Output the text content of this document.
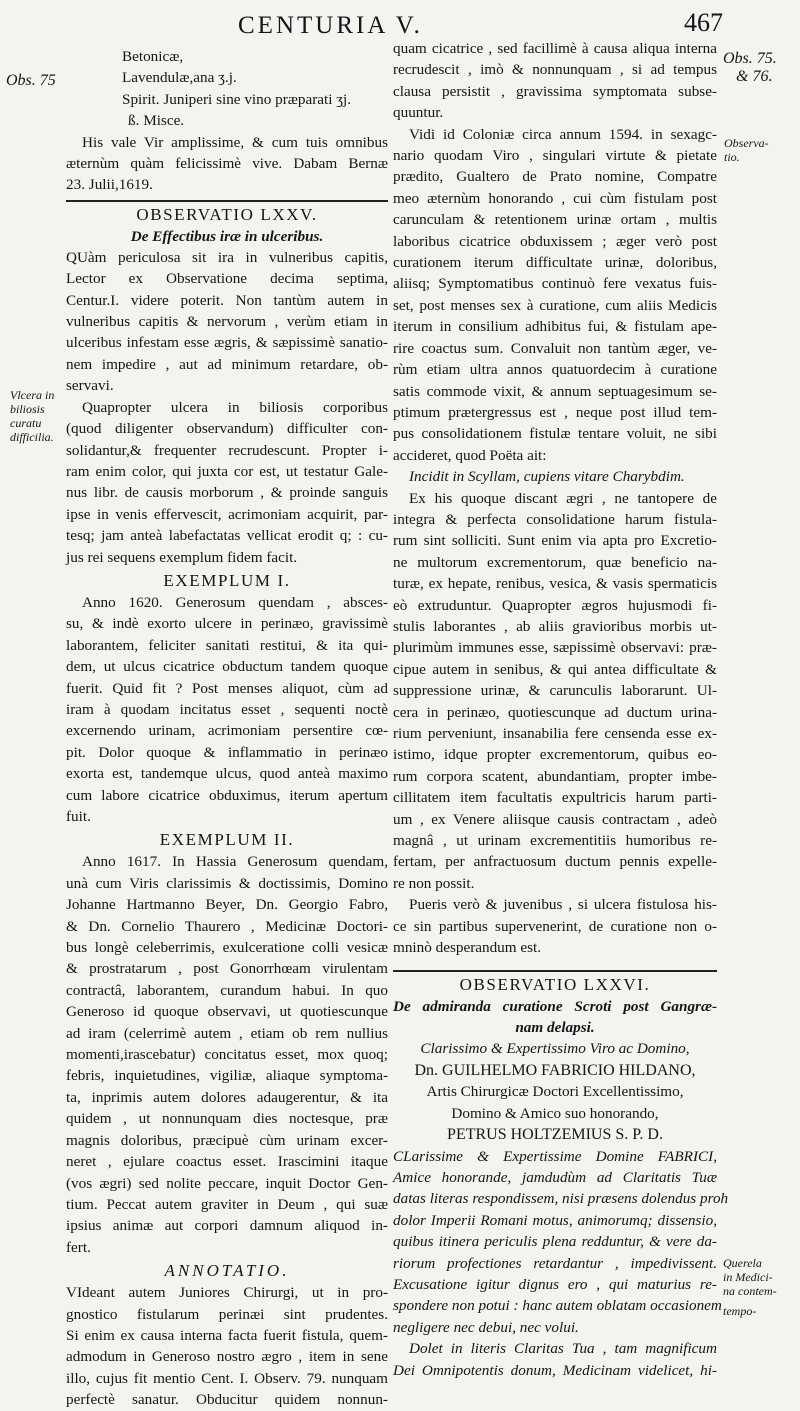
CENTURIA V.	467
Obs. 75
Obs. 75.
& 76.
Observa-
tio.
Vlcera in
biliosis
curatu
difficilia.
Querela
in Medici-
na contem-
tempo-
Betonicæ,
Lavendulæ,ana ʒ.j.
Spirit. Juniperi sine vino præparati ʒj.
ß. Misce.
His vale Vir amplissime, & cum tuis omnibus
æternùm quàm felicissimè vive. Dabam Bernæ
23. Julii,1619.
OBSERVATIO LXXV.
De Effectibus iræ in ulceribus.
QUàm periculosa sit ira in vulneribus capitis,
Lector ex Observatione decima septima,
Centur.I. videre poterit. Non tantùm autem in
vulneribus capitis & nervorum , verùm etiam in
ulceribus infestam esse ægris, & sæpissimè sanatio-
nem impedire , aut ad minimum retardare, ob-
servavi.
Quapropter ulcera in biliosis corporibus
(quod diligenter observandum) difficulter con-
solidantur,& frequenter recrudescunt. Propter i-
ram enim color, qui juxta cor est, ut testatur Gale-
nus libr. de causis morborum , & proinde sanguis
ipse in venis effervescit, acrimoniam acquirit, par-
tesq; jam anteà labefactatas vellicat erodit q; : cu-
jus rei sequens exemplum fidem facit.
EXEMPLUM I.
Anno 1620. Generosum quendam , absces-
su, & indè exorto ulcere in perinæo, gravissimè
laborantem, feliciter sanitati restitui, & ita qui-
dem, ut ulcus cicatrice obductum tandem quoque
fuerit. Quid fit ? Post menses aliquot, cùm ad
iram à quodam incitatus esset , sequenti noctè
excernendo urinam, acrimoniam persentire cœ-
pit. Dolor quoque & inflammatio in perinæo
exorta est, tandemque ulcus, quod anteà maximo
cum labore cicatrice obduximus, iterum apertum
fuit.
EXEMPLUM II.
Anno 1617. In Hassia Generosum quendam,
unà cum Viris clarissimis & doctissimis, Domino
Johanne Hartmanno Beyer, Dn. Georgio Fabro,
& Dn. Cornelio Thaurero , Medicinæ Doctori-
bus longè celeberrimis, exulceratione colli vesicæ
& prostratarum , post Gonorrhœam virulentam
contractâ, laborantem, curandum habui. In quo
Generoso id quoque observavi, ut quotiescunque
ad iram (celerrimè autem , etiam ob rem nullius
momenti,irascebatur) concitatus esset, mox quoq;
febris, inquietudines, vigiliæ, aliaque symptoma-
ta, inprimis autem dolores adaugerentur, & ita
quidem , ut nonnunquam dies noctesque, præ
magnis doloribus, præcipuè cùm urinam excer-
neret , ejulare coactus esset. Irascimini itaque
(vos ægri) sed nolite peccare, inquit Doctor Gen-
tium. Peccat autem graviter in Deum , qui suæ
ipsius animæ aut corpori damnum aliquod in-
fert.
ANNOTATIO.
VIdeant autem Juniores Chirurgi, ut in pro-
gnostico fistularum perinæi sint prudentes.
Si enim ex causa interna facta fuerit fistula, quem-
admodum in Generoso nostro ægro , item in sene
illo, cujus fit mentio Cent. I. Observ. 79. nunquam
perfectè sanatur. Obducitur quidem nonnun-
quam cicatrice , sed facillimè à causa aliqua interna
recrudescit , imò & nonnunquam , si ad tempus
clausa persistit , gravissima symptomata subse-
quuntur.
Vidi id Coloniæ circa annum 1594. in sexagc-
nario quodam Viro , singulari virtute & pietate
prædito, Gualtero de Prato nomine, Compatre
meo æternùm honorando , cui cùm fistulam post
carunculam & retentionem urinæ ortam , multis
laboribus cicatrice obduxissem ; æger verò post
curationem iterum difficultate urinæ, doloribus,
aliisq; Symptomatibus continuò fere vexatus fuis-
set, post menses sex à curatione, cum aliis Medicis
iterum in consilium adhibitus fui, & fistulam ape-
rire coactus sum. Convaluit non tantùm æger, ve-
rùm etiam ultra annos quatuordecim à curatione
satis commode vixit, & annum septuagesimum se-
ptimum prætergressus est , neque post illud tem-
pus consolidationem fistulæ tentare voluit, ne sibi
accideret, quod Poëta ait:
Incidit in Scyllam, cupiens vitare Charybdim.
Ex his quoque discant ægri , ne tantopere de
integra & perfecta consolidatione harum fistula-
rum sint solliciti. Sunt enim via apta pro Excretio-
ne multorum excrementorum, quæ beneficio na-
turæ, ex hepate, renibus, vesica, & vasis spermaticis
eò extruduntur. Quapropter ægros hujusmodi fi-
stulis laborantes , ab aliis gravioribus morbis ut-
plurimùm immunes esse, sæpissimè observavi: præ-
cipue autem in senibus, & qui antea difficultate &
suppressione urinæ, & carunculis laborarunt. Ul-
cera in perinæo, quotiescunque ad ductum urina-
rium perveniunt, insanabilia fere censenda esse ex-
istimo, idque propter excrementorum, quibus eo-
rum corpora scatent, abundantiam, propter imbe-
cillitatem item facultatis expultricis harum parti-
um , ex Venere aliisque causis contractam , adeò
magnâ , ut urinam excrementitiis humoribus re-
fertam, per anfractuosum ductum pennis expelle-
re non possit.
Pueris verò & juvenibus , si ulcera fistulosa his-
ce sin partibus supervenerint, de curatione non o-
mninò desperandum est.
OBSERVATIO LXXVI.
De admiranda curatione Scroti post Gangræ-
nam delapsi.
Clarissimo & Expertissimo Viro ac Domino,
Dn. GUILHELMO FABRICIO HILDANO,
Artis Chirurgicæ Doctori Excellentissimo,
Domino & Amico suo honorando,
PETRUS HOLTZEMIUS S. P. D.
CLarissime & Expertissime Domine FABRICI,
Amice honorande, jamdudùm ad Claritatis Tuæ
datas literas respondissem, nisi præsens dolendus proh
dolor Imperii Romani motus, animorumq; dissensio,
quibus itinera periculis plena redduntur, & vere da-
riorum profectiones retardantur , impedivissent.
Excusatione igitur dignus ero , qui maturius re-
spondere non potui : hanc autem oblatam occasionem
negligere nec debui, nec volui.
Dolet in literis Claritas Tua , tam magnificum
Dei Omnipotentis donum, Medicinam videlicet, hi-
